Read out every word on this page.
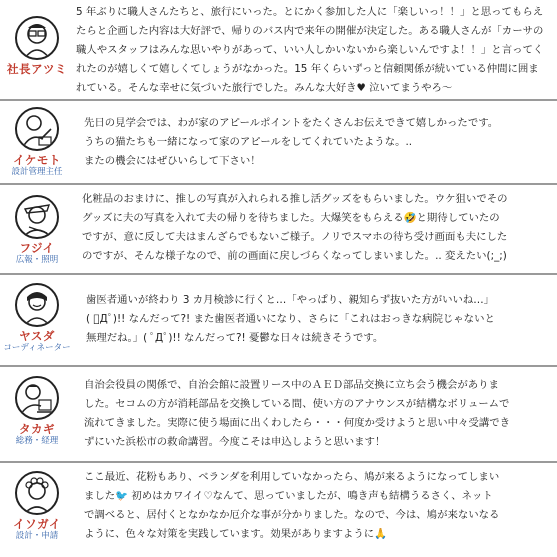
社長アツミ
5 年ぶりに職人さんたちと、旅行にいった。とにかく参加した人に「楽しいっ！！」と思ってもらえ
たらと企画した内容は大好評で、帰りのバス内で来年の開催が決定した。ある職人さんが「カーサの
職人やスタッフはみんな思いやりがあって、いい人しかいないから楽しいんですよ！！」と言ってく
れたのが嬉しくて嬉しくてしょうがなかった。15 年くらいずっと信頼関係が続いている仲間に囲ま
れている。そんな幸せに気づいた旅行でした。みんな大好き♥ 泣いてまうやろ〜
イケモト
設計管理主任
先日の見学会では、わが家のアピールポイントをたくさんお伝えできて嬉しかったです。
うちの猫たちも一緒になって家のアピールをしてくれていたような。..
またの機会にはぜひいらして下さい！
フジイ
広報・照明
化粧品のおまけに、推しの写真が入れられる推し活グッズをもらいました。ウケ狙いでその
グッズに夫の写真を入れて夫の帰りを待ちました。大爆笑をもらえる🤣と期待していたの
ですが、意に反して夫はまんざらでもないご様子。ノリでスマホの待ち受け画面も夫にした
のですが、そんな様子なので、前の画面に戻しづらくなってしまいました。.. 変えたい(;_;)
ヤスダ
コーディネーター
歯医者通いが終わり 3 カ月検診に行くと…「やっぱり、親知らず抜いた方がいいね…」
( ﾟДﾟ)!! なんだって?! また歯医者通いになり、さらに「これはおっきな病院じゃないと
無理だね。」( ﾟДﾟ)!! なんだって?! 憂鬱な日々は続きそうです。
タカギ
総務・経理
自治会役員の関係で、自治会館に設置リース中のＡＥＤ部品交換に立ち会う機会がありま
した。セコムの方が消耗部品を交換している間、使い方のアナウンスが結構なボリュームで
流れてきました。実際に使う場面に出くわしたら・・・何度か受けようと思い中々受講でき
ずにいた浜松市の救命講習。今度こそは申込しようと思います！
イソガイ
設計・申請
ここ最近、花粉もあり、ベランダを利用していなかったら、鳩が来るようになってしまい
ました🐦 初めはカワイイ♡なんて、思っていましたが、鳴き声も結構うるさく、ネット
で調べると、居付くとなかなか厄介な事が分かりました。なので、今は、鳩が来ないなる
ように、色々な対策を実践しています。効果がありますように🙏
